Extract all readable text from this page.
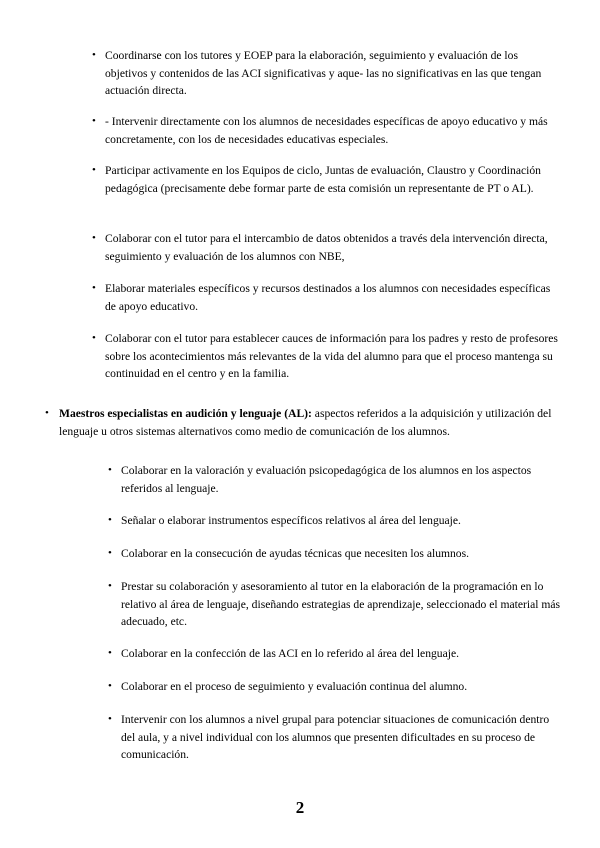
• Coordinarse con los tutores y EOEP para la elaboración, seguimiento y evaluación de los objetivos y contenidos de las ACI significativas y aque- las no significativas en las que tengan actuación directa.
• - Intervenir directamente con los alumnos de necesidades específicas de apoyo educativo y más concretamente, con los de necesidades educativas especiales.
• Participar activamente en los Equipos de ciclo, Juntas de evaluación, Claustro y Coordinación pedagógica (precisamente debe formar parte de esta comisión un representante de PT o AL).
• Colaborar con el tutor para el intercambio de datos obtenidos a través dela intervención directa, seguimiento y evaluación de los alumnos con NBE,
• Elaborar materiales específicos y recursos destinados a los alumnos con necesidades específicas de apoyo educativo.
• Colaborar con el tutor para establecer cauces de información para los padres y resto de profesores sobre los acontecimientos más relevantes de la vida del alumno para que el proceso mantenga su continuidad en el centro y en la familia.
• Maestros especialistas en audición y lenguaje (AL): aspectos referidos a la adquisición y utilización del lenguaje u otros sistemas alternativos como medio de comunicación de los alumnos.
• Colaborar en la valoración y evaluación psicopedagógica de los alumnos en los aspectos referidos al lenguaje.
• Señalar o elaborar instrumentos específicos relativos al área del lenguaje.
• Colaborar en la consecución de ayudas técnicas que necesiten los alumnos.
• Prestar su colaboración y asesoramiento al tutor en la elaboración de la programación en lo relativo al área de lenguaje, diseñando estrategias de aprendizaje, seleccionado el material más adecuado, etc.
• Colaborar en la confección de las ACI en lo referido al área del lenguaje.
• Colaborar en el proceso de seguimiento y evaluación continua del alumno.
• Intervenir con los alumnos a nivel grupal para potenciar situaciones de comunicación dentro del aula, y a nivel individual con los alumnos que presenten dificultades en su proceso de comunicación.
2
